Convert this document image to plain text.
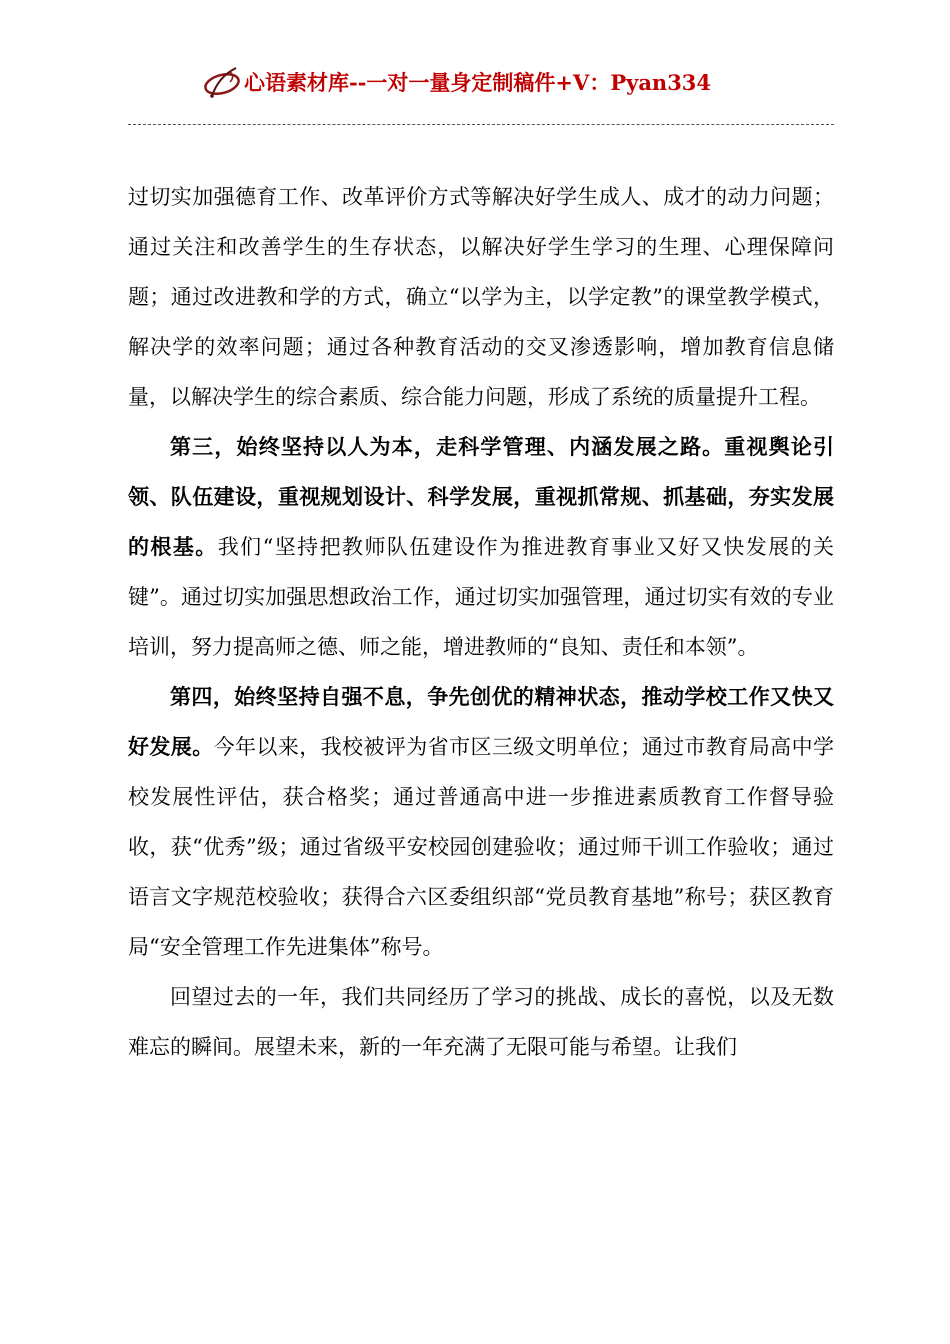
心语素材库--一对一量身定制稿件+V：Pyan334

过切实加强德育工作、改革评价方式等解决好学生成人、成才的动力问题；通过关注和改善学生的生存状态，以解决好学生学习的生理、心理保障问题；通过改进教和学的方式，确立“以学为主，以学定教”的课堂教学模式，解决学的效率问题；通过各种教育活动的交叉渗透影响，增加教育信息储量，以解决学生的综合素质、综合能力问题，形成了系统的质量提升工程。

第三，始终坚持以人为本，走科学管理、内涵发展之路。重视舆论引领、队伍建设，重视规划设计、科学发展，重视抓常规、抓基础，夯实发展的根基。我们“坚持把教师队伍建设作为推进教育事业又好又快发展的关键”。通过切实加强思想政治工作，通过切实加强管理，通过切实有效的专业培训，努力提高师之德、师之能，增进教师的“良知、责任和本领”。

第四，始终坚持自强不息，争先创优的精神状态，推动学校工作又快又好发展。今年以来，我校被评为省市区三级文明单位；通过市教育局高中学校发展性评估，获合格奖；通过普通高中进一步推进素质教育工作督导验收，获“优秀”级；通过省级平安校园创建验收；通过师干训工作验收；通过语言文字规范校验收；获得合六区委组织部“党员教育基地”称号；获区教育局“安全管理工作先进集体”称号。

回望过去的一年，我们共同经历了学习的挑战、成长的喜悦，以及无数难忘的瞬间。展望未来，新的一年充满了无限可能与希望。让我们
